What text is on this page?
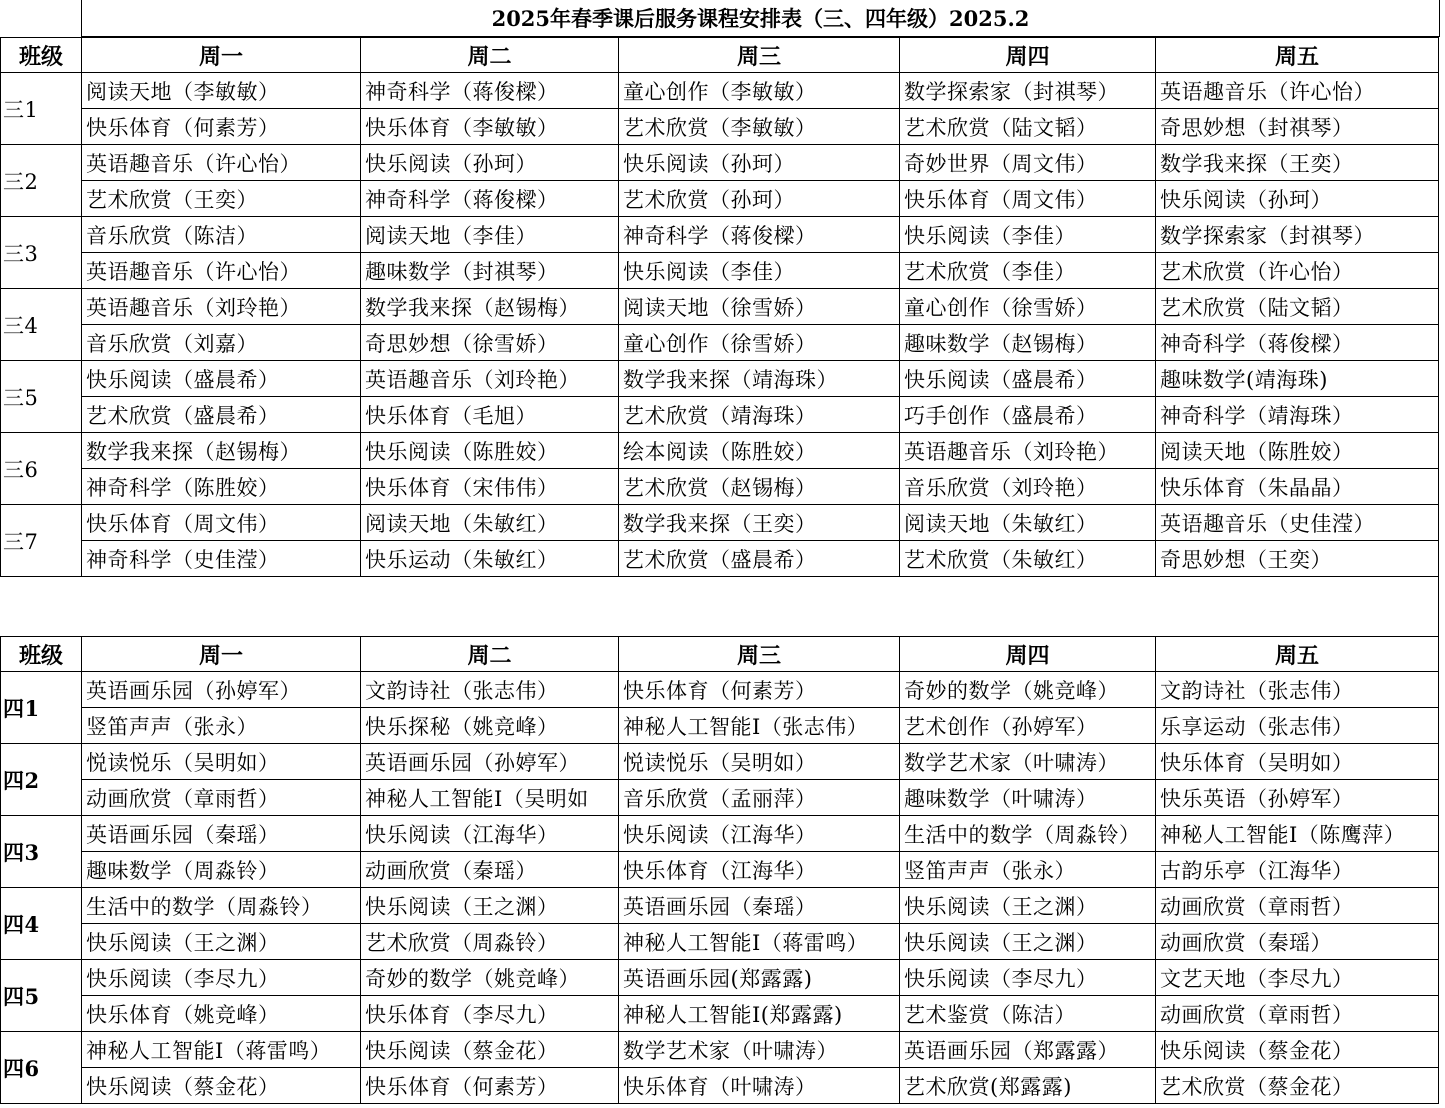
2025年春季课后服务课程安排表（三、四年级）2025.2
班级	周一	周二	周三	周四	周五
三1	阅读天地（李敏敏）	神奇科学（蒋俊樑）	童心创作（李敏敏）	数学探索家（封祺琴）	英语趣音乐（许心怡）
	快乐体育（何素芳）	快乐体育（李敏敏）	艺术欣赏（李敏敏）	艺术欣赏（陆文韬）	奇思妙想（封祺琴）
三2	英语趣音乐（许心怡）	快乐阅读（孙珂）	快乐阅读（孙珂）	奇妙世界（周文伟）	数学我来探（王奕）
	艺术欣赏（王奕）	神奇科学（蒋俊樑）	艺术欣赏（孙珂）	快乐体育（周文伟）	快乐阅读（孙珂）
三3	音乐欣赏（陈洁）	阅读天地（李佳）	神奇科学（蒋俊樑）	快乐阅读（李佳）	数学探索家（封祺琴）
	英语趣音乐（许心怡）	趣味数学（封祺琴）	快乐阅读（李佳）	艺术欣赏（李佳）	艺术欣赏（许心怡）
三4	英语趣音乐（刘玲艳）	数学我来探（赵锡梅）	阅读天地（徐雪娇）	童心创作（徐雪娇）	艺术欣赏（陆文韬）
	音乐欣赏（刘嘉）	奇思妙想（徐雪娇）	童心创作（徐雪娇）	趣味数学（赵锡梅）	神奇科学（蒋俊樑）
三5	快乐阅读（盛晨希）	英语趣音乐（刘玲艳）	数学我来探（靖海珠）	快乐阅读（盛晨希）	趣味数学(靖海珠)
	艺术欣赏（盛晨希）	快乐体育（毛旭）	艺术欣赏（靖海珠）	巧手创作（盛晨希）	神奇科学（靖海珠）
三6	数学我来探（赵锡梅）	快乐阅读（陈胜姣）	绘本阅读（陈胜姣）	英语趣音乐（刘玲艳）	阅读天地（陈胜姣）
	神奇科学（陈胜姣）	快乐体育（宋伟伟）	艺术欣赏（赵锡梅）	音乐欣赏（刘玲艳）	快乐体育（朱晶晶）
三7	快乐体育（周文伟）	阅读天地（朱敏红）	数学我来探（王奕）	阅读天地（朱敏红）	英语趣音乐（史佳滢）
	神奇科学（史佳滢）	快乐运动（朱敏红）	艺术欣赏（盛晨希）	艺术欣赏（朱敏红）	奇思妙想（王奕）
班级	周一	周二	周三	周四	周五
四1	英语画乐园（孙婷军）	文韵诗社（张志伟）	快乐体育（何素芳）	奇妙的数学（姚竞峰）	文韵诗社（张志伟）
	竖笛声声（张永）	快乐探秘（姚竞峰）	神秘人工智能I（张志伟）	艺术创作（孙婷军）	乐享运动（张志伟）
四2	悦读悦乐（吴明如）	英语画乐园（孙婷军）	悦读悦乐（吴明如）	数学艺术家（叶啸涛）	快乐体育（吴明如）
	动画欣赏（章雨哲）	神秘人工智能I（吴明如	音乐欣赏（孟丽萍）	趣味数学（叶啸涛）	快乐英语（孙婷军）
四3	英语画乐园（秦瑶）	快乐阅读（江海华）	快乐阅读（江海华）	生活中的数学（周淼铃）	神秘人工智能I（陈鹰萍）
	趣味数学（周淼铃）	动画欣赏（秦瑶）	快乐体育（江海华）	竖笛声声（张永）	古韵乐亭（江海华）
四4	生活中的数学（周淼铃）	快乐阅读（王之渊）	英语画乐园（秦瑶）	快乐阅读（王之渊）	动画欣赏（章雨哲）
	快乐阅读（王之渊）	艺术欣赏（周淼铃）	神秘人工智能I（蒋雷鸣）	快乐阅读（王之渊）	动画欣赏（秦瑶）
四5	快乐阅读（李尽九）	奇妙的数学（姚竞峰）	英语画乐园(郑露露)	快乐阅读（李尽九）	文艺天地（李尽九）
	快乐体育（姚竞峰）	快乐体育（李尽九）	神秘人工智能I(郑露露)	艺术鉴赏（陈洁）	动画欣赏（章雨哲）
四6	神秘人工智能I（蒋雷鸣）	快乐阅读（蔡金花）	数学艺术家（叶啸涛）	英语画乐园（郑露露）	快乐阅读（蔡金花）
	快乐阅读（蔡金花）	快乐体育（何素芳）	快乐体育（叶啸涛）	艺术欣赏(郑露露)	艺术欣赏（蔡金花）
